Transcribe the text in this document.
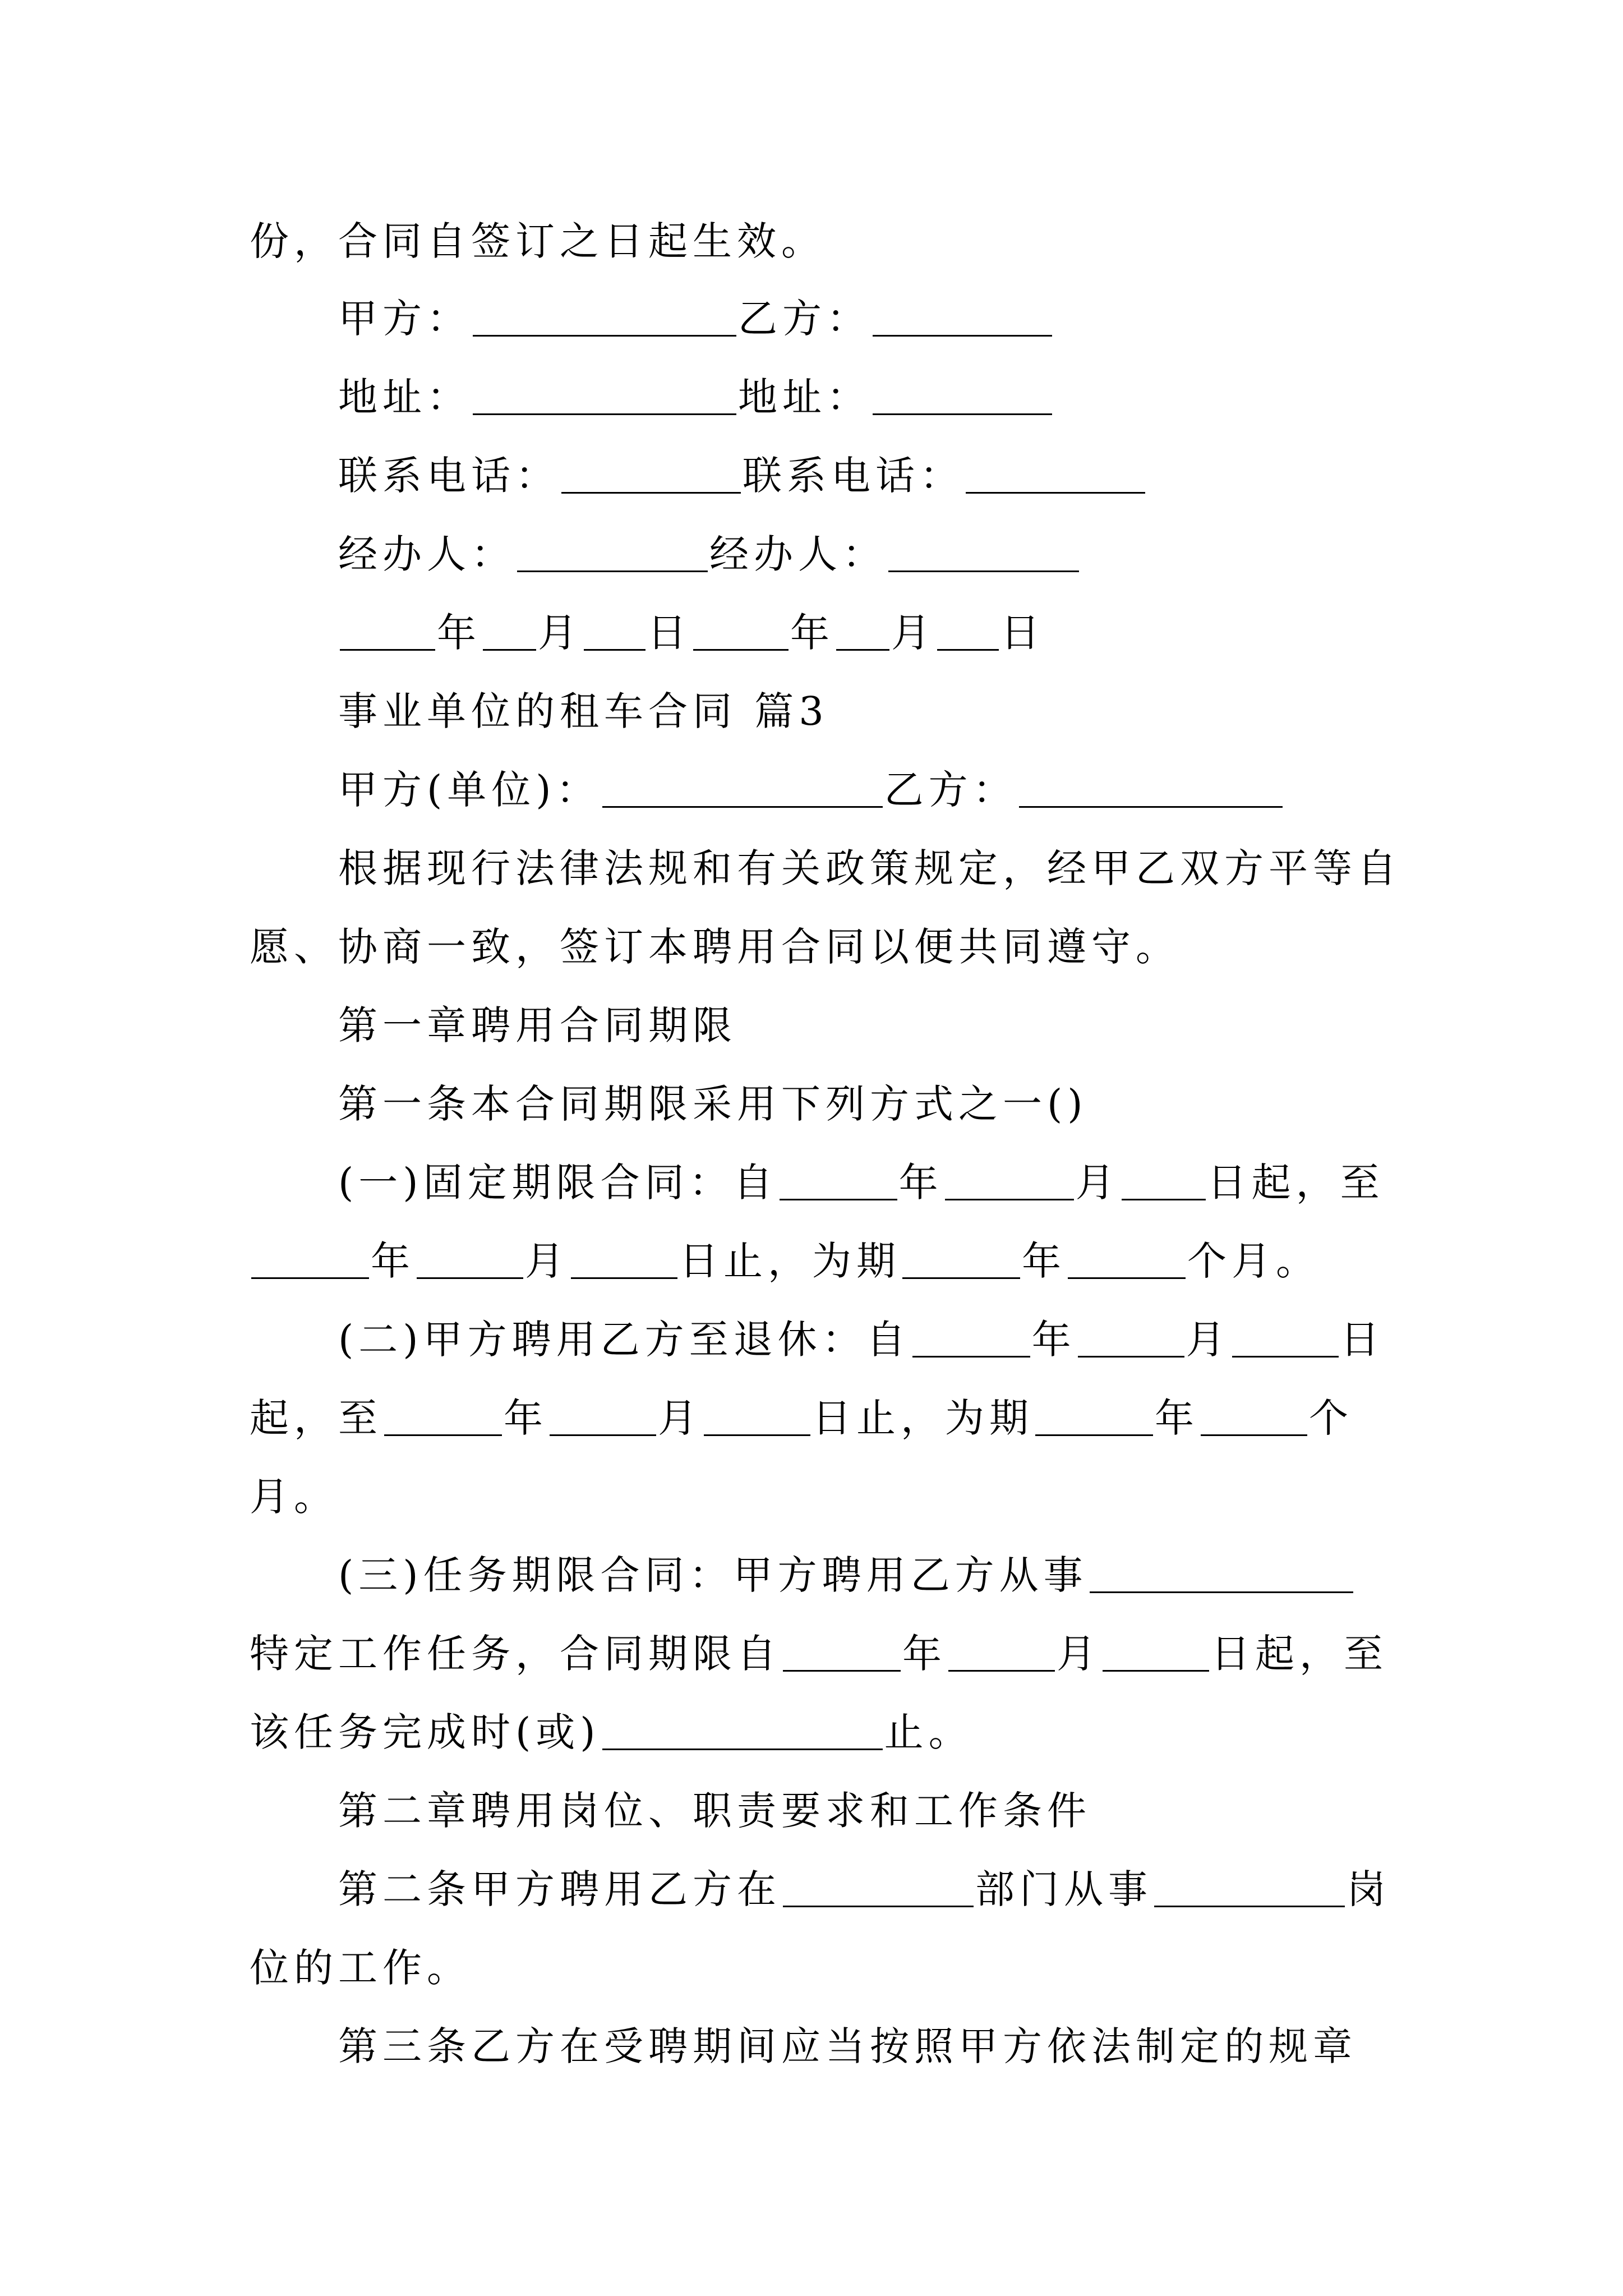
份，合同自签订之日起生效。
甲方：	乙方：
地址：	地址：
联系电话：	联系电话：
经办人：	经办人：
年 月 日	年 月 日
事业单位的租车合同 篇3
甲方(单位)：	乙方：
根据现行法律法规和有关政策规定，经甲乙双方平等自
愿、协商一致，签订本聘用合同以便共同遵守。
第一章聘用合同期限
第一条本合同期限采用下列方式之一()
(一)固定期限合同：自	年	月 日起，至
年	月	日止，为期	年	个月。
(二)甲方聘用乙方至退休：自	年	月	日
起，至	年	月	日止，为期	年	个
月。
(三)任务期限合同：甲方聘用乙方从事
特定工作任务，合同期限自	年	月	日起，至
该任务完成时(或)	止。
第二章聘用岗位、职责要求和工作条件
第二条甲方聘用乙方在	部门从事	岗
位的工作。
第三条乙方在受聘期间应当按照甲方依法制定的规章
